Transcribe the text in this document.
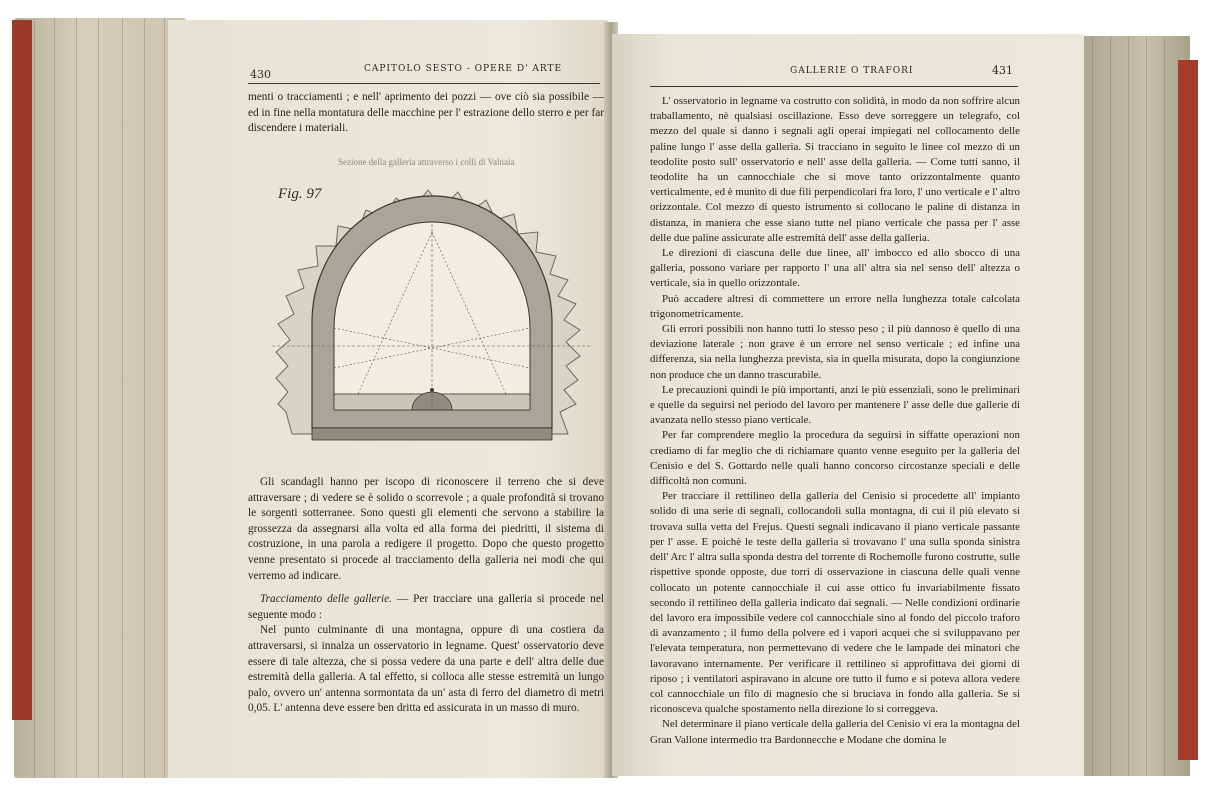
430	CAPITOLO SESTO - OPERE D' ARTE

menti o tracciamenti ; e nell' aprimento dei pozzi — ove ciò sia possibile — ed in fine nella montatura delle macchine per l' estrazione dello sterro e per far discendere i materiali.

Sezione della galleria attraverso i colli di Valnaia
Fig. 97

Gli scandagli hanno per iscopo di riconoscere il terreno che si deve attraversare ; di vedere se è solido o scorrevole ; a quale profondità si trovano le sorgenti sotterranee. Sono questi gli elementi che servono a stabilire la grossezza da assegnarsi alla volta ed alla forma dei piedritti, il sistema di costruzione, in una parola a redigere il progetto. Dopo che questo progetto venne presentato si procede al tracciamento della galleria nei modi che qui verremo ad indicare.

Tracciamento delle gallerie. — Per tracciare una galleria si procede nel seguente modo :

Nel punto culminante di una montagna, oppure di una costiera da attraversarsi, si innalza un osservatorio in legname. Quest' osservatorio deve essere di tale altezza, che si possa vedere da una parte e dell' altra delle due estremità della galleria. A tal effetto, si colloca alle stesse estremità un lungo palo, ovvero un' antenna sormontata da un' asta di ferro del diametro di metri 0,05. L' antenna deve essere ben dritta ed assicurata in un masso di muro.

GALLERIE O TRAFORI	431

L' osservatorio in legname va costrutto con solidità, in modo da non soffrire alcun traballamento, nè qualsiasi oscillazione. Esso deve sorreggere un telegrafo, col mezzo del quale si danno i segnali agli operai impiegati nel collocamento delle paline lungo l' asse della galleria. Si tracciano in seguito le linee col mezzo di un teodolite posto sull' osservatorio e nell' asse della galleria. — Come tutti sanno, il teodolite ha un cannocchiale che si move tanto orizzontalmente quanto verticalmente, ed è munito di due fili perpendicolari fra loro, l' uno verticale e l' altro orizzontale. Col mezzo di questo istrumento si collocano le paline di distanza in distanza, in maniera che esse siano tutte nel piano verticale che passa per l' asse delle due paline assicurate alle estremità dell' asse della galleria.

Le direzioni di ciascuna delle due linee, all' imbocco ed allo sbocco di una galleria, possono variare per rapporto l' una all' altra sia nel senso dell' altezza o verticale, sia in quello orizzontale.

Può accadere altresì di commettere un errore nella lunghezza totale calcolata trigonometricamente.

Gli errori possibili non hanno tutti lo stesso peso ; il più dannoso è quello di una deviazione laterale ; non grave è un errore nel senso verticale ; ed infine una differenza, sia nella lunghezza prevista, sia in quella misurata, dopo la congiunzione non produce che un danno trascurabile.

Le precauzioni quindi le più importanti, anzi le più essenziali, sono le preliminari e quelle da seguirsi nel periodo del lavoro per mantenere l' asse delle due gallerie di avanzata nello stesso piano verticale.

Per far comprendere meglio la procedura da seguirsi in siffatte operazioni non crediamo di far meglio che di richiamare quanto venne eseguito per la galleria del Cenisio e del S. Gottardo nelle quali hanno concorso circostanze speciali e delle difficoltà non comuni.

Per tracciare il rettilineo della galleria del Cenisio si procedette all' impianto solido di una serie di segnali, collocandoli sulla montagna, di cui il più elevato si trovava sulla vetta del Frejus. Questi segnali indicavano il piano verticale passante per l' asse. E poichè le teste della galleria si trovavano l' una sulla sponda sinistra dell' Arc l' altra sulla sponda destra del torrente di Rochemolle furono costrutte, sulle rispettive sponde opposte, due torri di osservazione in ciascuna delle quali venne collocato un potente cannocchiale il cui asse ottico fu invariabilmente fissato secondo il rettilineo della galleria indicato dai segnali. — Nelle condizioni ordinarie del lavoro era impossibile vedere col cannocchiale sino al fondo del piccolo traforo di avanzamento ; il fumo della polvere ed i vapori acquei che si sviluppavano per l'elevata temperatura, non permettevano di vedere che le lampade dei minatori che lavoravano internamente. Per verificare il rettilineo si approfittava dei giorni di riposo ; i ventilatori aspiravano in alcune ore tutto il fumo e si poteva allora vedere col cannocchiale un filo di magnesio che si bruciava in fondo alla galleria. Se si riconosceva qualche spostamento nella direzione lo si correggeva.

Nel determinare il piano verticale della galleria del Cenisio vi era la montagna del Gran Vallone intermedio tra Bardonnecche e Modane che domina le
